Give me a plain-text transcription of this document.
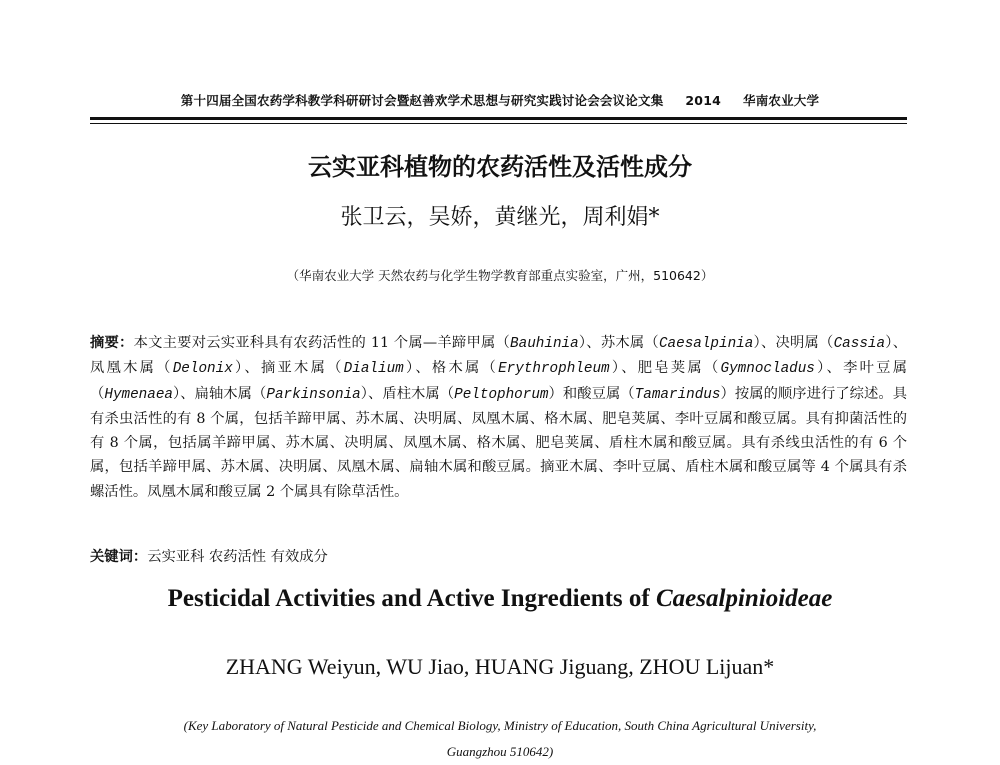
第十四届全国农药学科教学科研研讨会暨赵善欢学术思想与研究实践讨论会会议论文集 2014 华南农业大学
云实亚科植物的农药活性及活性成分
张卫云，吴娇，黄继光，周利娟*
（华南农业大学 天然农药与化学生物学教育部重点实验室，广州，510642）
摘要：本文主要对云实亚科具有农药活性的 11 个属—羊蹄甲属（Bauhinia）、苏木属（Caesalpinia）、决明属（Cassia）、凤凰木属（Delonix）、摘亚木属（Dialium）、格木属（Erythrophleum）、肥皂荚属（Gymnocladus）、李叶豆属（Hymenaea）、扁轴木属（Parkinsonia）、盾柱木属（Peltophorum）和酸豆属（Tamarindus）按属的顺序进行了综述。具有杀虫活性的有 8 个属，包括羊蹄甲属、苏木属、决明属、凤凰木属、格木属、肥皂荚属、李叶豆属和酸豆属。具有抑菌活性的有 8 个属，包括属羊蹄甲属、苏木属、决明属、凤凰木属、格木属、肥皂荚属、盾柱木属和酸豆属。具有杀线虫活性的有 6 个属，包括羊蹄甲属、苏木属、决明属、凤凰木属、扁轴木属和酸豆属。摘亚木属、李叶豆属、盾柱木属和酸豆属等 4 个属具有杀螺活性。凤凰木属和酸豆属 2 个属具有除草活性。
关键词：云实亚科 农药活性 有效成分
Pesticidal Activities and Active Ingredients of Caesalpinioideae
ZHANG Weiyun, WU Jiao, HUANG Jiguang, ZHOU Lijuan*
(Key Laboratory of Natural Pesticide and Chemical Biology, Ministry of Education, South China Agricultural University,
Guangzhou 510642)
